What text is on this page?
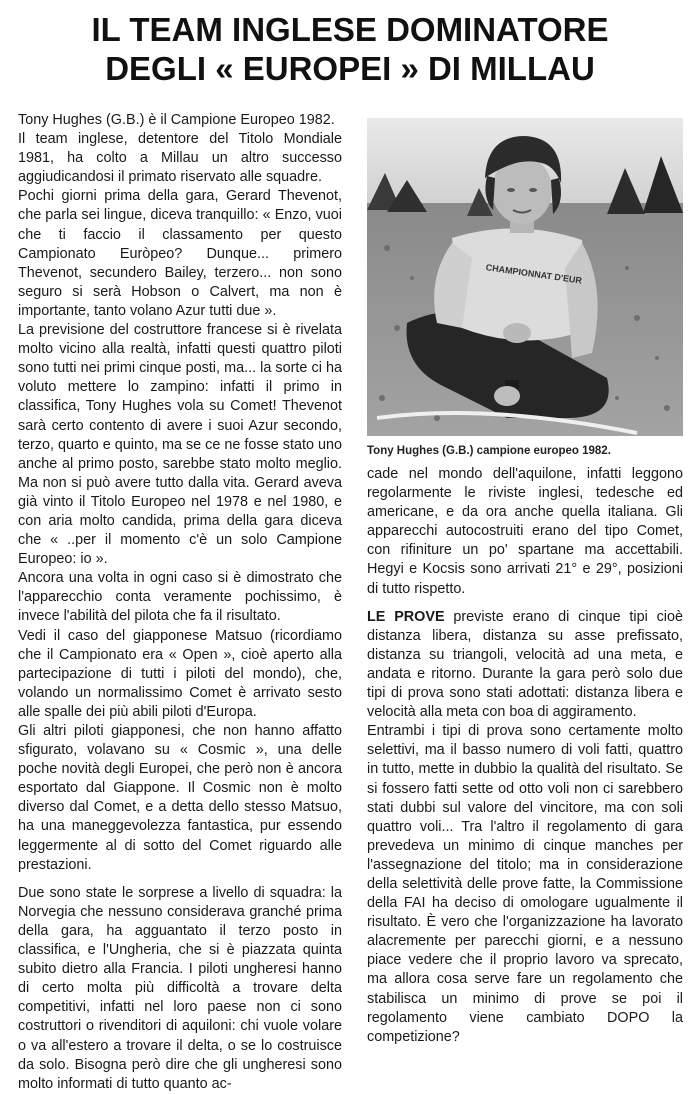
IL TEAM INGLESE DOMINATORE
DEGLI « EUROPEI » DI MILLAU

Tony Hughes (G.B.) è il Campione Europeo 1982.

Il team inglese, detentore del Titolo Mondiale 1981, ha colto a Millau un altro successo aggiudicandosi il primato riservato alle squadre.

Pochi giorni prima della gara, Gerard Thevenot, che parla sei lingue, diceva tranquillo: « Enzo, vuoi che ti faccio il classamento per questo Campionato Euròpeo? Dunque... primero Thevenot, secundero Bailey, terzero... non sono seguro si serà Hobson o Calvert, ma non è importante, tanto volano Azur tutti due ».

La previsione del costruttore francese si è rivelata molto vicino alla realtà, infatti questi quattro piloti sono tutti nei primi cinque posti, ma... la sorte ci ha voluto mettere lo zampino: infatti il primo in classifica, Tony Hughes vola su Comet! Thevenot sarà certo contento di avere i suoi Azur secondo, terzo, quarto e quinto, ma se ce ne fosse stato uno anche al primo posto, sarebbe stato molto meglio. Ma non si può avere tutto dalla vita. Gerard aveva già vinto il Titolo Europeo nel 1978 e nel 1980, e con aria molto candida, prima della gara diceva che « ..per il momento c'è un solo Campione Europeo: io ».

Ancora una volta in ogni caso si è dimostrato che l'apparecchio conta veramente pochissimo, è invece l'abilità del pilota che fa il risultato.

Vedi il caso del giapponese Matsuo (ricordiamo che il Campionato era « Open », cioè aperto alla partecipazione di tutti i piloti del mondo), che, volando un normalissimo Comet è arrivato sesto alle spalle dei più abili piloti d'Europa.

Gli altri piloti giapponesi, che non hanno affatto sfigurato, volavano su « Cosmic », una delle poche novità degli Europei, che però non è ancora esportato dal Giappone. Il Cosmic non è molto diverso dal Comet, e a detta dello stesso Matsuo, ha una maneggevolezza fantastica, pur essendo leggermente al di sotto del Comet riguardo alle prestazioni.

Due sono state le sorprese a livello di squadra: la Norvegia che nessuno considerava granché prima della gara, ha agguantato il terzo posto in classifica, e l'Ungheria, che si è piazzata quinta subito dietro alla Francia. I piloti ungheresi hanno di certo molta più difficoltà a trovare delta competitivi, infatti nel loro paese non ci sono costruttori o rivenditori di aquiloni: chi vuole volare o va all'estero a trovare il delta, o se lo costruisce da solo. Bisogna però dire che gli ungheresi sono molto informati di tutto quanto ac-

CHAMPIONNAT D'EUR
Tony Hughes (G.B.) campione europeo 1982.

cade nel mondo dell'aquilone, infatti leggono regolarmente le riviste inglesi, tedesche ed americane, e da ora anche quella italiana. Gli apparecchi autocostruiti erano del tipo Comet, con rifiniture un po' spartane ma accettabili. Hegyi e Kocsis sono arrivati 21° e 29°, posizioni di tutto rispetto.

LE PROVE previste erano di cinque tipi cioè distanza libera, distanza su asse prefissato, distanza su triangoli, velocità ad una meta, e andata e ritorno. Durante la gara però solo due tipi di prova sono stati adottati: distanza libera e velocità alla meta con boa di aggiramento.

Entrambi i tipi di prova sono certamente molto selettivi, ma il basso numero di voli fatti, quattro in tutto, mette in dubbio la qualità del risultato. Se si fossero fatti sette od otto voli non ci sarebbero stati dubbi sul valore del vincitore, ma con soli quattro voli... Tra l'altro il regolamento di gara prevedeva un minimo di cinque manches per l'assegnazione del titolo; ma in considerazione della selettività delle prove fatte, la Commissione della FAI ha deciso di omologare ugualmente il risultato. È vero che l'organizzazione ha lavorato alacremente per parecchi giorni, e a nessuno piace vedere che il proprio lavoro va sprecato, ma allora cosa serve fare un regolamento che stabilisca un minimo di prove se poi il regolamento viene cambiato DOPO la competizione?
